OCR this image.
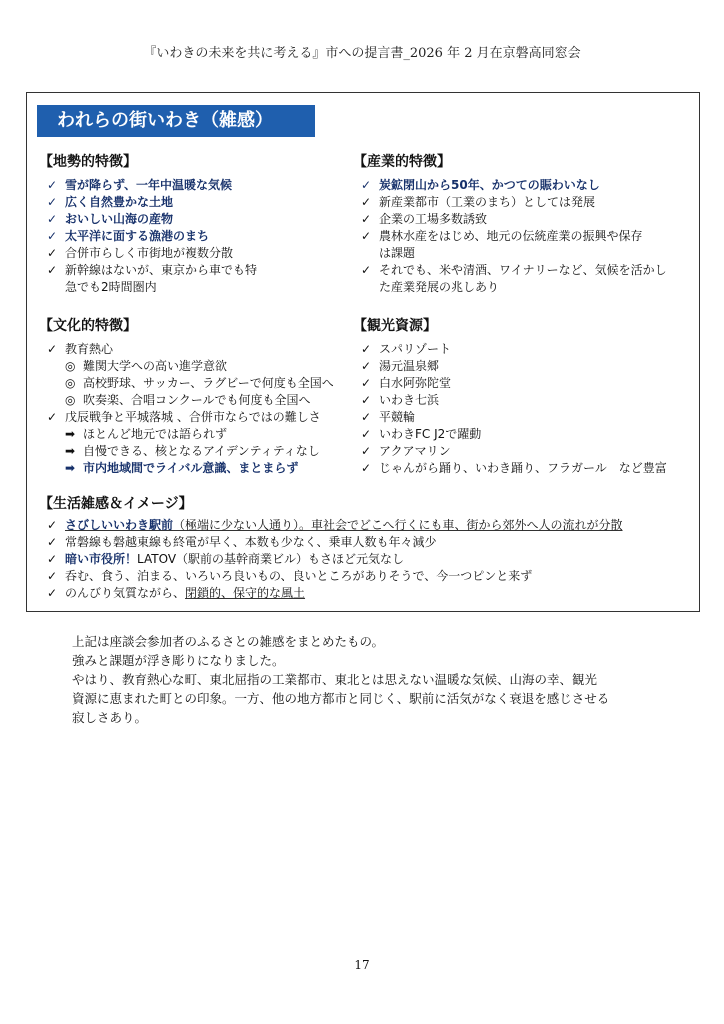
『いわきの未来を共に考える』市への提言書_2026 年 2 月在京磐高同窓会
われらの街いわき（雑感）
【地勢的特徴】
✓ 雪が降らず、一年中温暖な気候
✓ 広く自然豊かな土地
✓ おいしい山海の産物
✓ 太平洋に面する漁港のまち
✓ 合併市らしく市街地が複数分散
✓ 新幹線はないが、東京から車でも特
急でも2時間圏内
【産業的特徴】
✓ 炭鉱閉山から50年、かつての賑わいなし
✓ 新産業都市（工業のまち）としては発展
✓ 企業の工場多数誘致
✓ 農林水産をはじめ、地元の伝統産業の振興や保存
は課題
✓ それでも、米や清酒、ワイナリーなど、気候を活かし
た産業発展の兆しあり
【文化的特徴】
✓ 教育熱心
◎ 難関大学への高い進学意欲
◎ 高校野球、サッカー、ラグビーで何度も全国へ
◎ 吹奏楽、合唱コンクールでも何度も全国へ
✓ 戊辰戦争と平城落城 、合併市ならではの難しさ
➡ ほとんど地元では語られず
➡ 自慢できる、核となるアイデンティティなし
➡ 市内地域間でライバル意識、まとまらず
【観光資源】
✓ スパリゾート
✓ 湯元温泉郷
✓ 白水阿弥陀堂
✓ いわき七浜
✓ 平競輪
✓ いわきFC J2で躍動
✓ アクアマリン
✓ じゃんがら踊り、いわき踊り、フラガール　など豊富
【生活雑感＆イメージ】
✓ さびしいいわき駅前（極端に少ない人通り）。車社会でどこへ行くにも車、街から郊外へ人の流れが分散
✓ 常磐線も磐越東線も終電が早く、本数も少なく、乗車人数も年々減少
✓ 暗い市役所！LATOV（駅前の基幹商業ビル）もさほど元気なし
✓ 呑む、食う、泊まる、いろいろ良いもの、良いところがありそうで、今一つピンと来ず
✓ のんびり気質ながら、閉鎖的、保守的な風土

上記は座談会参加者のふるさとの雑感をまとめたもの。

強みと課題が浮き彫りになりました。

やはり、教育熱心な町、東北屈指の工業都市、東北とは思えない温暖な気候、山海の幸、観光

資源に恵まれた町との印象。一方、他の地方都市と同じく、駅前に活気がなく衰退を感じさせる

寂しさあり。

17
